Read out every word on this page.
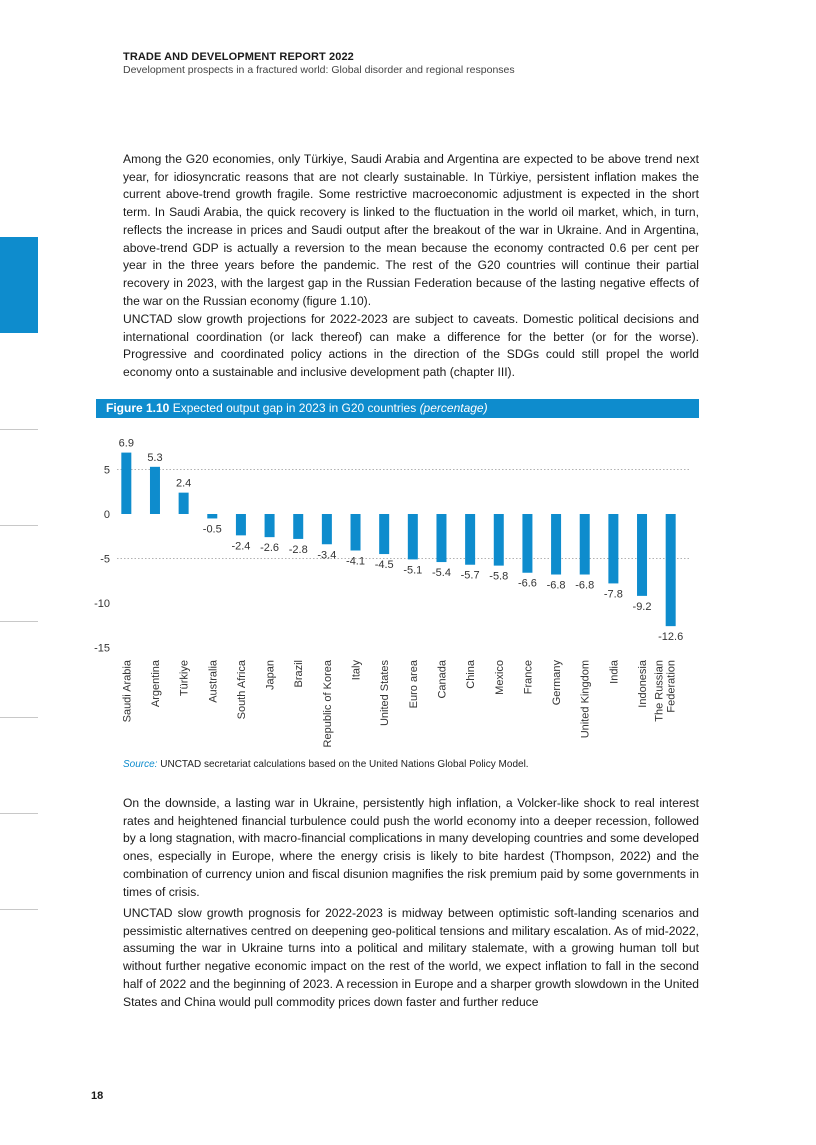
TRADE AND DEVELOPMENT REPORT 2022
Development prospects in a fractured world: Global disorder and regional responses

Among the G20 economies, only Türkiye, Saudi Arabia and Argentina are expected to be above trend next year, for idiosyncratic reasons that are not clearly sustainable. In Türkiye, persistent inflation makes the current above-trend growth fragile. Some restrictive macroeconomic adjustment is expected in the short term. In Saudi Arabia, the quick recovery is linked to the fluctuation in the world oil market, which, in turn, reflects the increase in prices and Saudi output after the breakout of the war in Ukraine. And in Argentina, above-trend GDP is actually a reversion to the mean because the economy contracted 0.6 per cent per year in the three years before the pandemic. The rest of the G20 countries will continue their partial recovery in 2023, with the largest gap in the Russian Federation because of the lasting negative effects of the war on the Russian economy (figure 1.10).

UNCTAD slow growth projections for 2022-2023 are subject to caveats. Domestic political decisions and international coordination (or lack thereof) can make a difference for the better (or for the worse). Progressive and coordinated policy actions in the direction of the SDGs could still propel the world economy onto a sustainable and inclusive development path (chapter III).

Figure 1.10 Expected output gap in 2023 in G20 countries (percentage)
5
0
-5
-10
-15
6.9
5.3
2.4
-0.5
-2.4 -2.6 -2.8 -3.4
-4.1 -4.5 -5.1 -5.4 -5.7 -5.8
-6.6 -6.8 -6.8
-7.8
-9.2
-12.6
Saudi Arabia Argentina Türkiye Australia South Africa Japan Brazil Republic of Korea Italy United States Euro area Canada China Mexico France Germany United Kingdom India Indonesia The Russian Federation
Source: UNCTAD secretariat calculations based on the United Nations Global Policy Model.

On the downside, a lasting war in Ukraine, persistently high inflation, a Volcker-like shock to real interest rates and heightened financial turbulence could push the world economy into a deeper recession, followed by a long stagnation, with macro-financial complications in many developing countries and some developed ones, especially in Europe, where the energy crisis is likely to bite hardest (Thompson, 2022) and the combination of currency union and fiscal disunion magnifies the risk premium paid by some governments in times of crisis.

UNCTAD slow growth prognosis for 2022-2023 is midway between optimistic soft-landing scenarios and pessimistic alternatives centred on deepening geo-political tensions and military escalation. As of mid-2022, assuming the war in Ukraine turns into a political and military stalemate, with a growing human toll but without further negative economic impact on the rest of the world, we expect inflation to fall in the second half of 2022 and the beginning of 2023. A recession in Europe and a sharper growth slowdown in the United States and China would pull commodity prices down faster and further reduce

18
